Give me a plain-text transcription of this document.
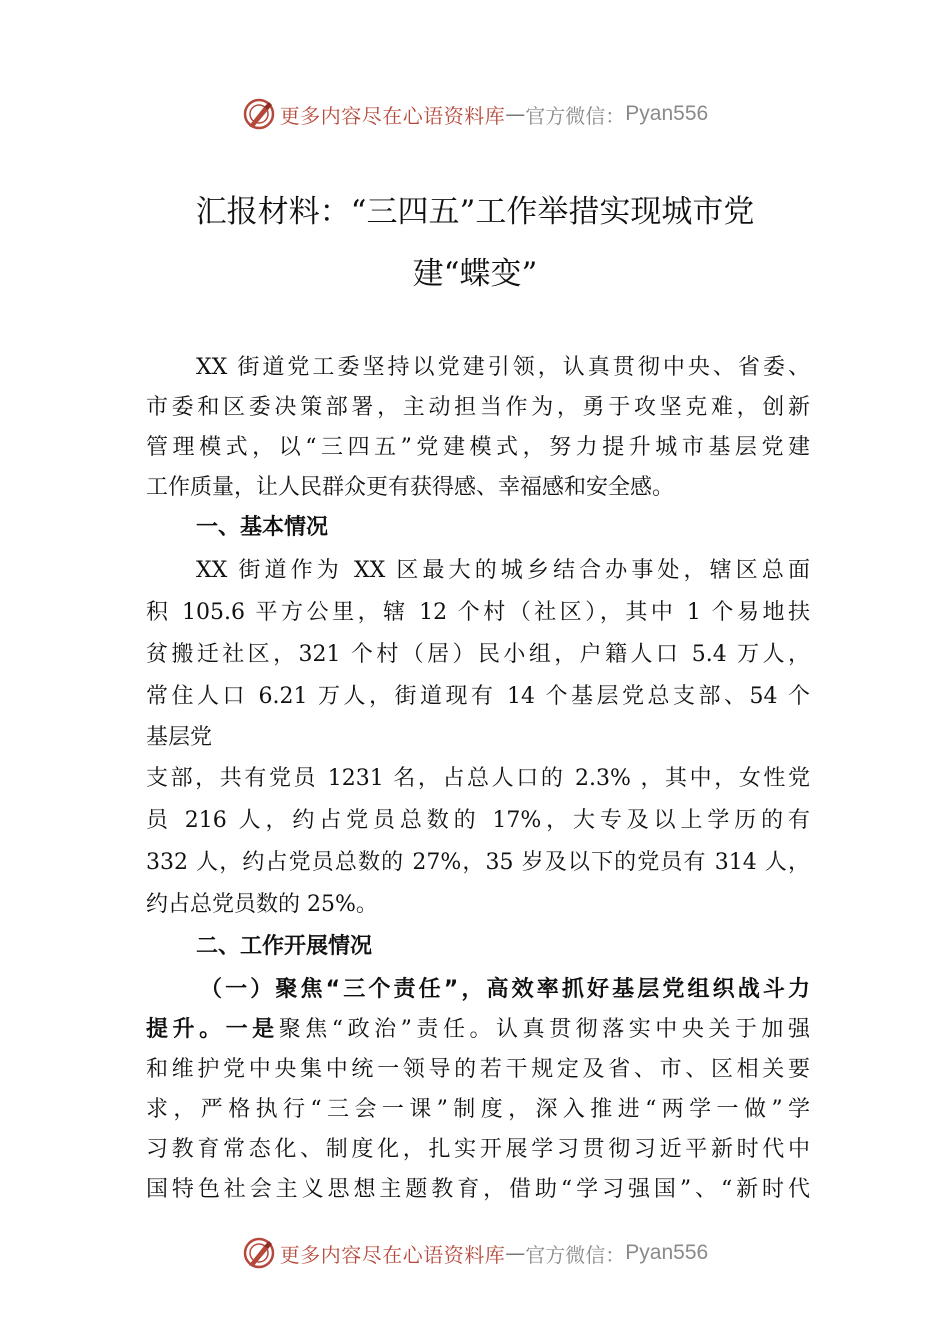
更多内容尽在心语资料库 — 官方微信： Pyan556
汇报材料：“三四五”工作举措实现城市党
建“蝶变”
XX 街道党工委坚持以党建引领，认真贯彻中央、省委、
市委和区委决策部署，主动担当作为，勇于攻坚克难，创新
管理模式，以“三四五”党建模式，努力提升城市基层党建
工作质量，让人民群众更有获得感、幸福感和安全感。
一、基本情况
XX 街道作为 XX 区最大的城乡结合办事处，辖区总面
积 105.6 平方公里，辖 12 个村（社区），其中 1 个易地扶
贫搬迁社区，321 个村（居）民小组，户籍人口 5.4 万人，
常住人口 6.21 万人，街道现有 14 个基层党总支部、54 个
基层党
支部，共有党员 1231 名，占总人口的 2.3% ，其中，女性党
员 216 人，约占党员总数的 17%，大专及以上学历的有
332 人，约占党员总数的 27%，35 岁及以下的党员有 314 人，
约占总党员数的 25%。
二、工作开展情况
（一）聚焦“三个责任”，高效率抓好基层党组织战斗力
提升。一是聚焦“政治”责任。认真贯彻落实中央关于加强
和维护党中央集中统一领导的若干规定及省、市、区相关要
求，严格执行“三会一课”制度，深入推进“两学一做”学
习教育常态化、制度化，扎实开展学习贯彻习近平新时代中
国特色社会主义思想主题教育，借助“学习强国”、“新时代
更多内容尽在心语资料库 — 官方微信： Pyan556
